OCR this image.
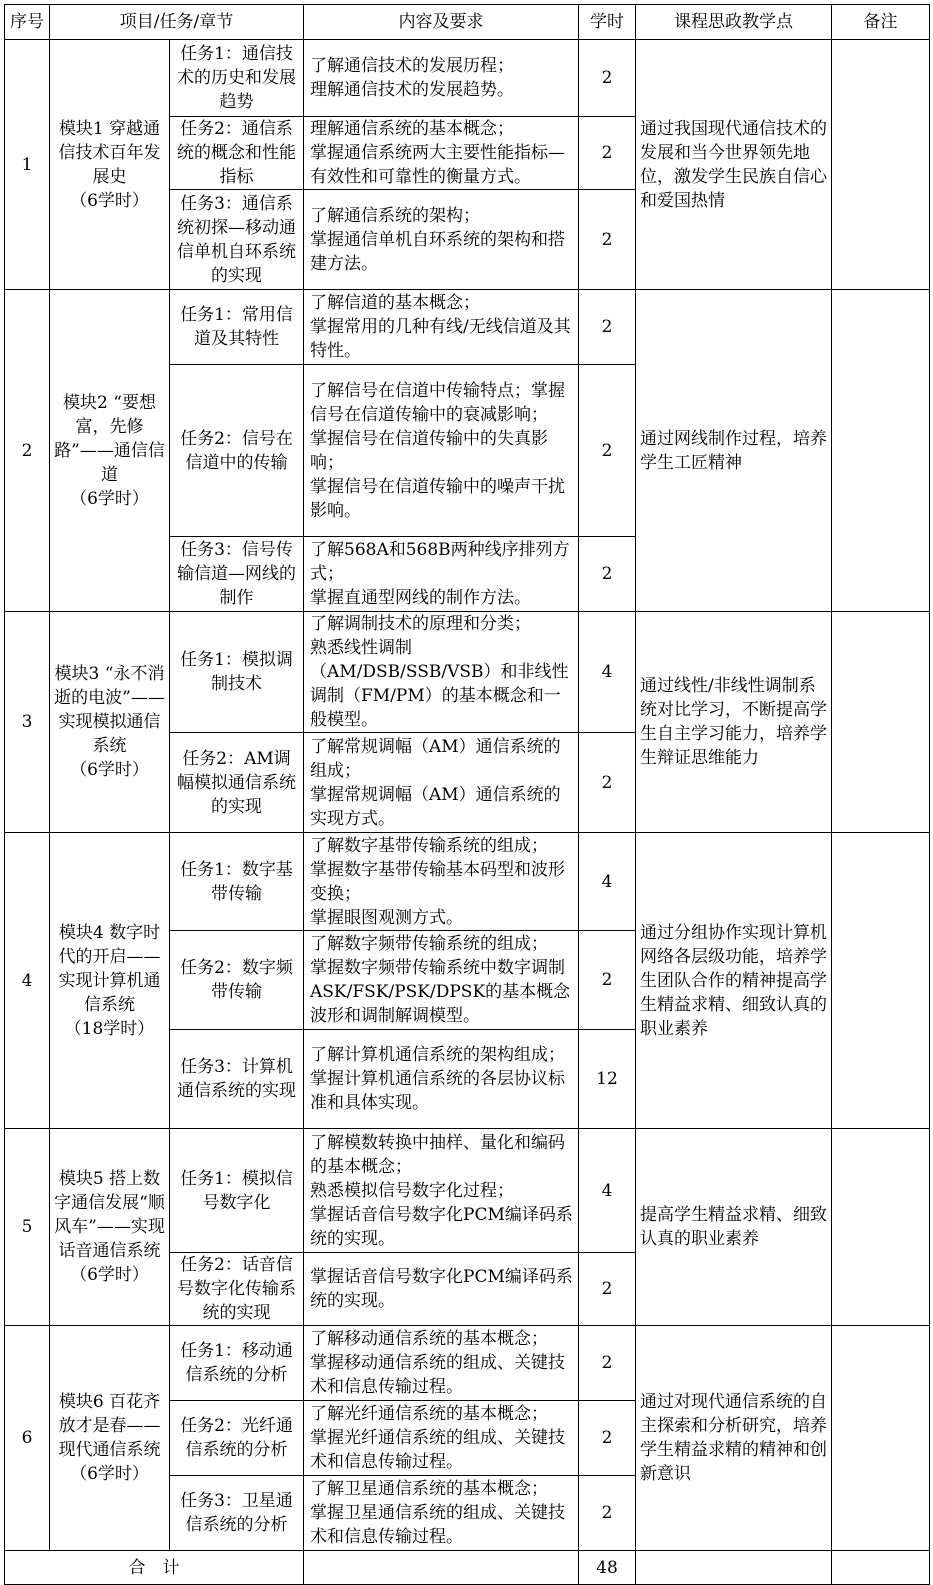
序号	项目/任务/章节		内容及要求	学时	课程思政教学点	备注
1	模块1 穿越通信技术百年发展史
（6学时）	任务1：通信技术的历史和发展趋势	了解通信技术的发展历程；
理解通信技术的发展趋势。	2	通过我国现代通信技术的发展和当今世界领先地位，激发学生民族自信心和爱国热情	
		任务2：通信系统的概念和性能指标	理解通信系统的基本概念；
掌握通信系统两大主要性能指标—有效性和可靠性的衡量方式。	2		
		任务3：通信系统初探—移动通信单机自环系统的实现	了解通信系统的架构；
掌握通信单机自环系统的架构和搭建方法。	2		
2	模块2 “要想富，先修路”——通信信道
（6学时）	任务1：常用信道及其特性	了解信道的基本概念；
掌握常用的几种有线/无线信道及其特性。	2	通过网线制作过程，培养学生工匠精神	
		任务2：信号在信道中的传输	了解信号在信道中传输特点；掌握信号在信道传输中的衰减影响；
掌握信号在信道传输中的失真影响；
掌握信号在信道传输中的噪声干扰影响。	2		
		任务3：信号传输信道—网线的制作	了解568A和568B两种线序排列方式；
掌握直通型网线的制作方法。	2		
3	模块3 “永不消逝的电波”——实现模拟通信系统
（6学时）	任务1：模拟调制技术	了解调制技术的原理和分类；
熟悉线性调制（AM/DSB/SSB/VSB）和非线性调制（FM/PM）的基本概念和一般模型。	4	通过线性/非线性调制系统对比学习，不断提高学生自主学习能力，培养学生辩证思维能力	
		任务2：AM调幅模拟通信系统的实现	了解常规调幅（AM）通信系统的组成；
掌握常规调幅（AM）通信系统的实现方式。	2		
4	模块4 数字时代的开启——实现计算机通信系统
（18学时）	任务1：数字基带传输	了解数字基带传输系统的组成；
掌握数字基带传输基本码型和波形变换；
掌握眼图观测方式。	4	通过分组协作实现计算机网络各层级功能，培养学生团队合作的精神提高学生精益求精、细致认真的职业素养	
		任务2：数字频带传输	了解数字频带传输系统的组成；
掌握数字频带传输系统中数字调制ASK/FSK/PSK/DPSK的基本概念波形和调制解调模型。	2		
		任务3：计算机通信系统的实现	了解计算机通信系统的架构组成；
掌握计算机通信系统的各层协议标准和具体实现。	12		
5	模块5 搭上数字通信发展“顺风车”——实现话音通信系统
（6学时）	任务1：模拟信号数字化	了解模数转换中抽样、量化和编码的基本概念；
熟悉模拟信号数字化过程；
掌握话音信号数字化PCM编译码系统的实现。	4	提高学生精益求精、细致认真的职业素养	
		任务2：话音信号数字化传输系统的实现	掌握话音信号数字化PCM编译码系统的实现。	2		
6	模块6 百花齐放才是春——现代通信系统
（6学时）	任务1：移动通信系统的分析	了解移动通信系统的基本概念；
掌握移动通信系统的组成、关键技术和信息传输过程。	2	通过对现代通信系统的自主探索和分析研究，培养学生精益求精的精神和创新意识	
		任务2：光纤通信系统的分析	了解光纤通信系统的基本概念；
掌握光纤通信系统的组成、关键技术和信息传输过程。	2		
		任务3：卫星通信系统的分析	了解卫星通信系统的基本概念；
掌握卫星通信系统的组成、关键技术和信息传输过程。	2		
合　计				48		
